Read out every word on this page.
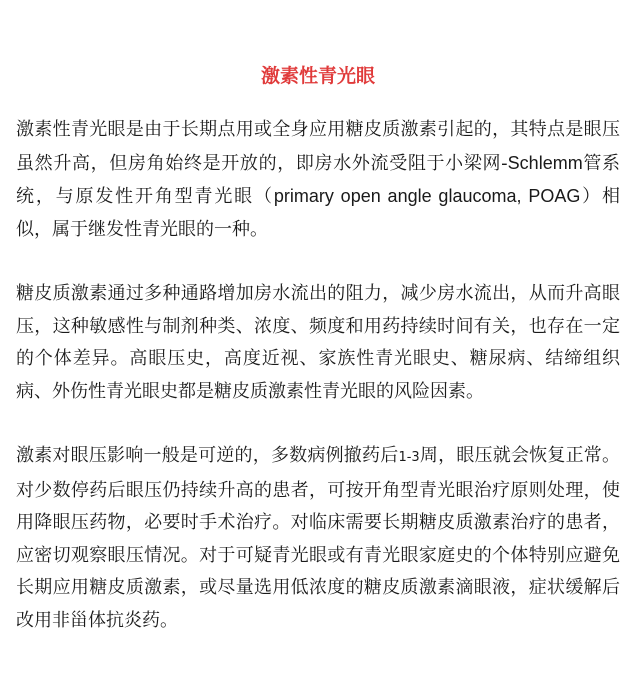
激素性青光眼

激素性青光眼是由于长期点用或全身应用糖皮质激素引起的，其特点是眼压虽然升高，但房角始终是开放的，即房水外流受阻于小梁网-Schlemm管系统，与原发性开角型青光眼（primary open angle glaucoma, POAG）相似，属于继发性青光眼的一种。

糖皮质激素通过多种通路增加房水流出的阻力，减少房水流出，从而升高眼压，这种敏感性与制剂种类、浓度、频度和用药持续时间有关，也存在一定的个体差异。高眼压史，高度近视、家族性青光眼史、糖尿病、结缔组织病、外伤性青光眼史都是糖皮质激素性青光眼的风险因素。

激素对眼压影响一般是可逆的，多数病例撤药后1-3周，眼压就会恢复正常。对少数停药后眼压仍持续升高的患者，可按开角型青光眼治疗原则处理，使用降眼压药物，必要时手术治疗。对临床需要长期糖皮质激素治疗的患者，应密切观察眼压情况。对于可疑青光眼或有青光眼家庭史的个体特别应避免长期应用糖皮质激素，或尽量选用低浓度的糖皮质激素滴眼液，症状缓解后改用非甾体抗炎药。
